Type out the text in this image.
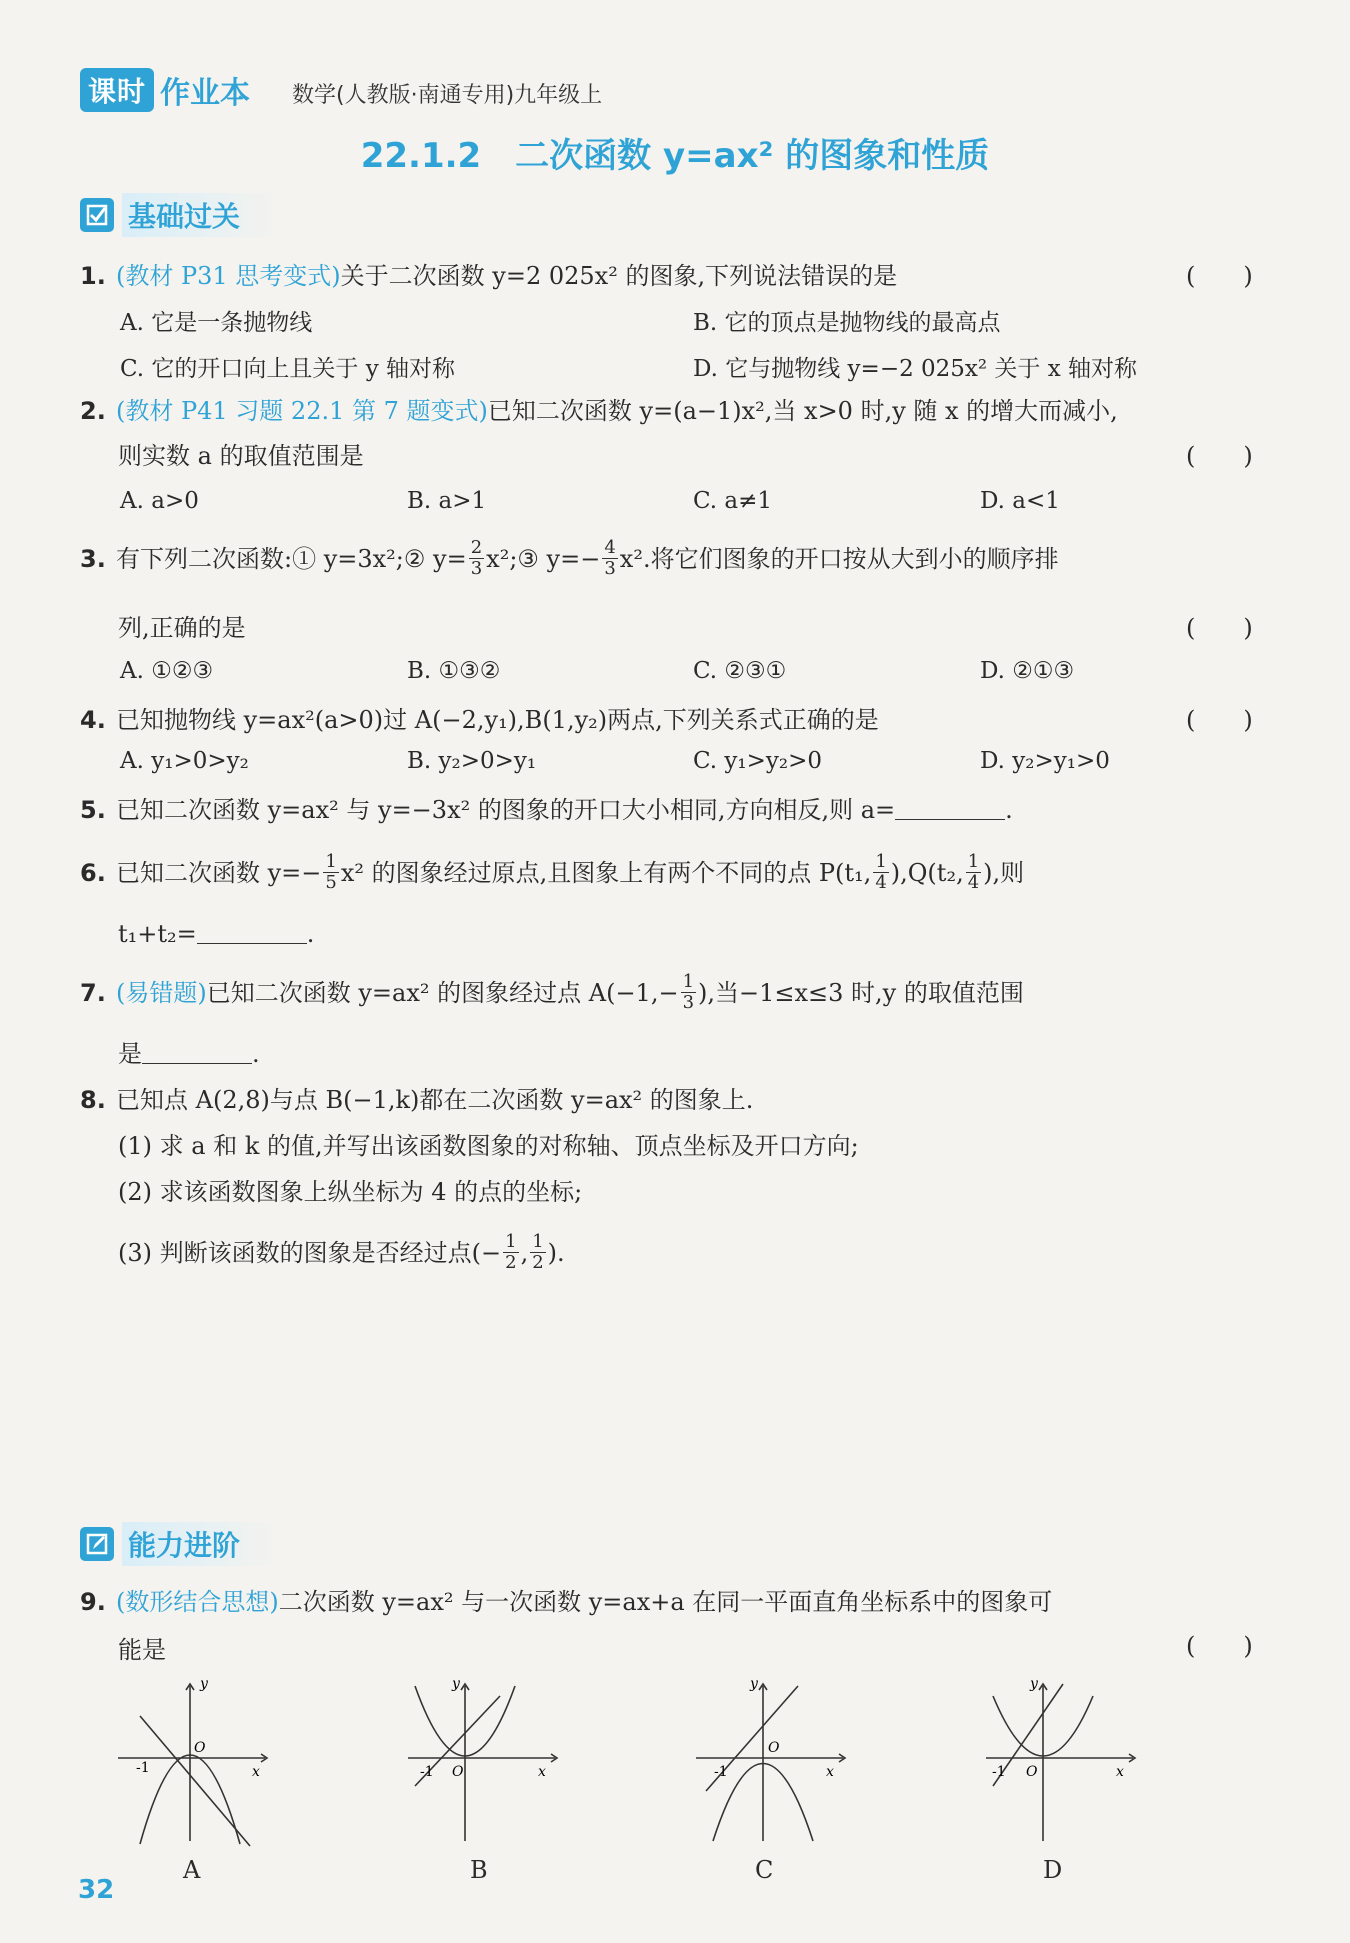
课时 作业本 数学(人教版·南通专用)九年级上
22.1.2　二次函数 y=ax² 的图象和性质
基础过关
1. (教材 P31 思考变式)关于二次函数 y=2 025x² 的图象,下列说法错误的是	(　　)
A. 它是一条抛物线	B. 它的顶点是抛物线的最高点
C. 它的开口向上且关于 y 轴对称	D. 它与抛物线 y=−2 025x² 关于 x 轴对称
2. (教材 P41 习题 22.1 第 7 题变式)已知二次函数 y=(a−1)x²,当 x>0 时,y 随 x 的增大而减小,
则实数 a 的取值范围是	(　　)
A. a>0	B. a>1	C. a≠1	D. a<1
3. 有下列二次函数:① y=3x²;② $y= \frac{2}{3}$ x²;③ $y=- \frac{4}{3} x^2$.将它们图象的开口按从大到小的顺序排
列,正确的是	(　　)
A. ①②③	B. ①③②	C. ②③①	D. ②①③
4. 已知抛物线 y=ax²(a>0)过 A(−2,y₁),B(1,y₂)两点,下列关系式正确的是	(　　)
A. y₁>0>y₂	B. y₂>0>y₁	C. y₁>y₂>0	D. y₂>y₁>0
5. 已知二次函数 y=ax² 与 y=−3x² 的图象的开口大小相同,方向相反,则 a=	.
6. 已知二次函数 $y=- \frac{1}{5} x^2$ 的图象经过原点,且图象上有两个不同的点 P(t₁, $\frac{1}{4} ),Q(t_2$, $\frac{1}{4}$ ),则
t₁+t₂=	.
7. (易错题) 已知二次函数 y=ax² 的图象经过点 $A(-1,- \frac{1}{3}$ ),当−1≤x≤3 时,y 的取值范围
是	.
8. 已知点 A(2,8)与点 B(−1,k)都在二次函数 y=ax² 的图象上.
(1) 求 a 和 k 的值,并写出该函数图象的对称轴、顶点坐标及开口方向;
(2) 求该函数图象上纵坐标为 4 的点的坐标;
(3) 判断该函数的图象是否经过点(− $\frac{1}{2}$ , $\frac{1}{2}$ ).
能力进阶
9. (数形结合思想)二次函数 y=ax² 与一次函数 y=ax+a 在同一平面直角坐标系中的图象可
能是	(　　)
y
x
O
-1
A
y
x
O
-1
B
y
x
O
-1
C
y
x
O
-1
D
32
